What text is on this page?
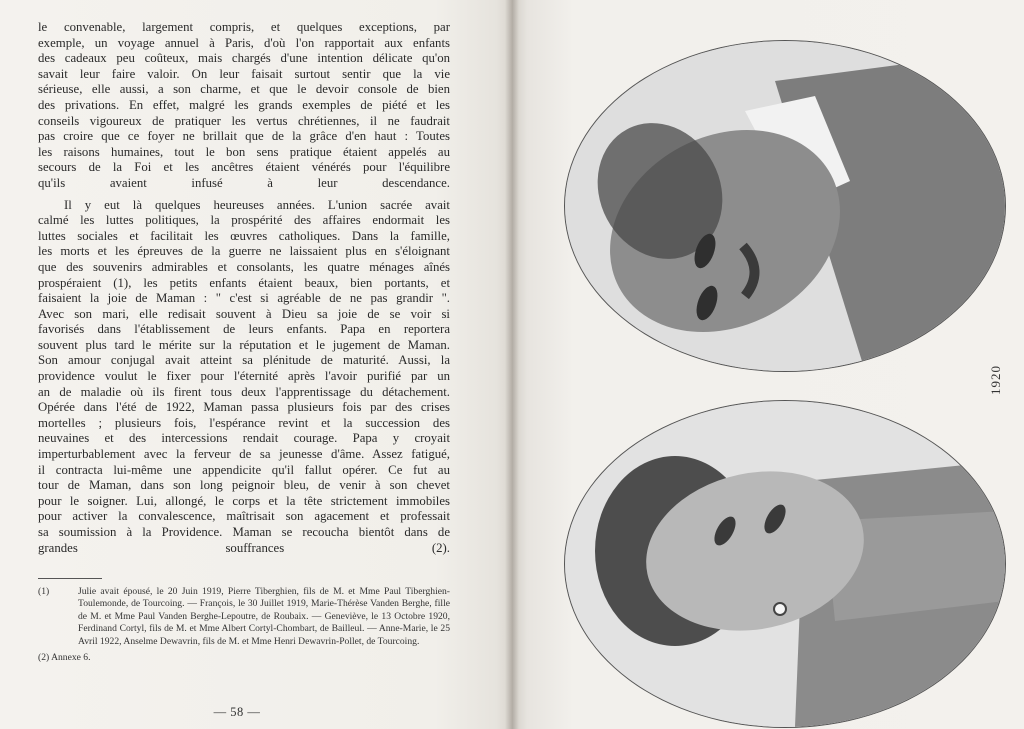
le convenable, largement compris, et quelques exceptions, par
exemple, un voyage annuel à Paris, d'où l'on rapportait aux enfants
des cadeaux peu coûteux, mais chargés d'une intention délicate qu'on
savait leur faire valoir. On leur faisait surtout sentir que la vie
sérieuse, elle aussi, a son charme, et que le devoir console de bien
des privations. En effet, malgré les grands exemples de piété et les
conseils vigoureux de pratiquer les vertus chrétiennes, il ne faudrait
pas croire que ce foyer ne brillait que de la grâce d'en haut : Toutes
les raisons humaines, tout le bon sens pratique étaient appelés au
secours de la Foi et les ancêtres étaient vénérés pour l'équilibre
qu'ils avaient infusé à leur descendance.

Il y eut là quelques heureuses années. L'union sacrée avait
calmé les luttes politiques, la prospérité des affaires endormait les
luttes sociales et facilitait les œuvres catholiques. Dans la famille,
les morts et les épreuves de la guerre ne laissaient plus en s'éloignant
que des souvenirs admirables et consolants, les quatre ménages aînés
prospéraient (1), les petits enfants étaient beaux, bien portants, et
faisaient la joie de Maman : " c'est si agréable de ne pas grandir ".
Avec son mari, elle redisait souvent à Dieu sa joie de se voir si
favorisés dans l'établissement de leurs enfants. Papa en reportera
souvent plus tard le mérite sur la réputation et le jugement de Maman.
Son amour conjugal avait atteint sa plénitude de maturité. Aussi, la
providence voulut le fixer pour l'éternité après l'avoir purifié par un
an de maladie où ils firent tous deux l'apprentissage du détachement.
Opérée dans l'été de 1922, Maman passa plusieurs fois par des crises
mortelles ; plusieurs fois, l'espérance revint et la succession des
neuvaines et des intercessions rendait courage. Papa y croyait
imperturbablement avec la ferveur de sa jeunesse d'âme. Assez fatigué,
il contracta lui-même une appendicite qu'il fallut opérer. Ce fut au
tour de Maman, dans son long peignoir bleu, de venir à son chevet
pour le soigner. Lui, allongé, le corps et la tête strictement immobiles
pour activer la convalescence, maîtrisait son agacement et professait
sa soumission à la Providence. Maman se recoucha bientôt dans de
grandes souffrances (2).

(1)	Julie avait épousé, le 20 Juin 1919, Pierre Tiberghien, fils de M. et Mme Paul Tiberghien-Toulemonde, de Tourcoing. — François, le 30 Juillet 1919, Marie-Thérèse Vanden Berghe, fille de M. et Mme Paul Vanden Berghe-Lepoutre, de Roubaix. — Geneviève, le 13 Octobre 1920, Ferdinand Cortyl, fils de M. et Mme Albert Cortyl-Chombart, de Bailleul. — Anne-Marie, le 25 Avril 1922, Anselme Dewavrin, fils de M. et Mme Henri Dewavrin-Pollet, de Tourcoing.
(2) Annexe 6.
— 58 —
1920
